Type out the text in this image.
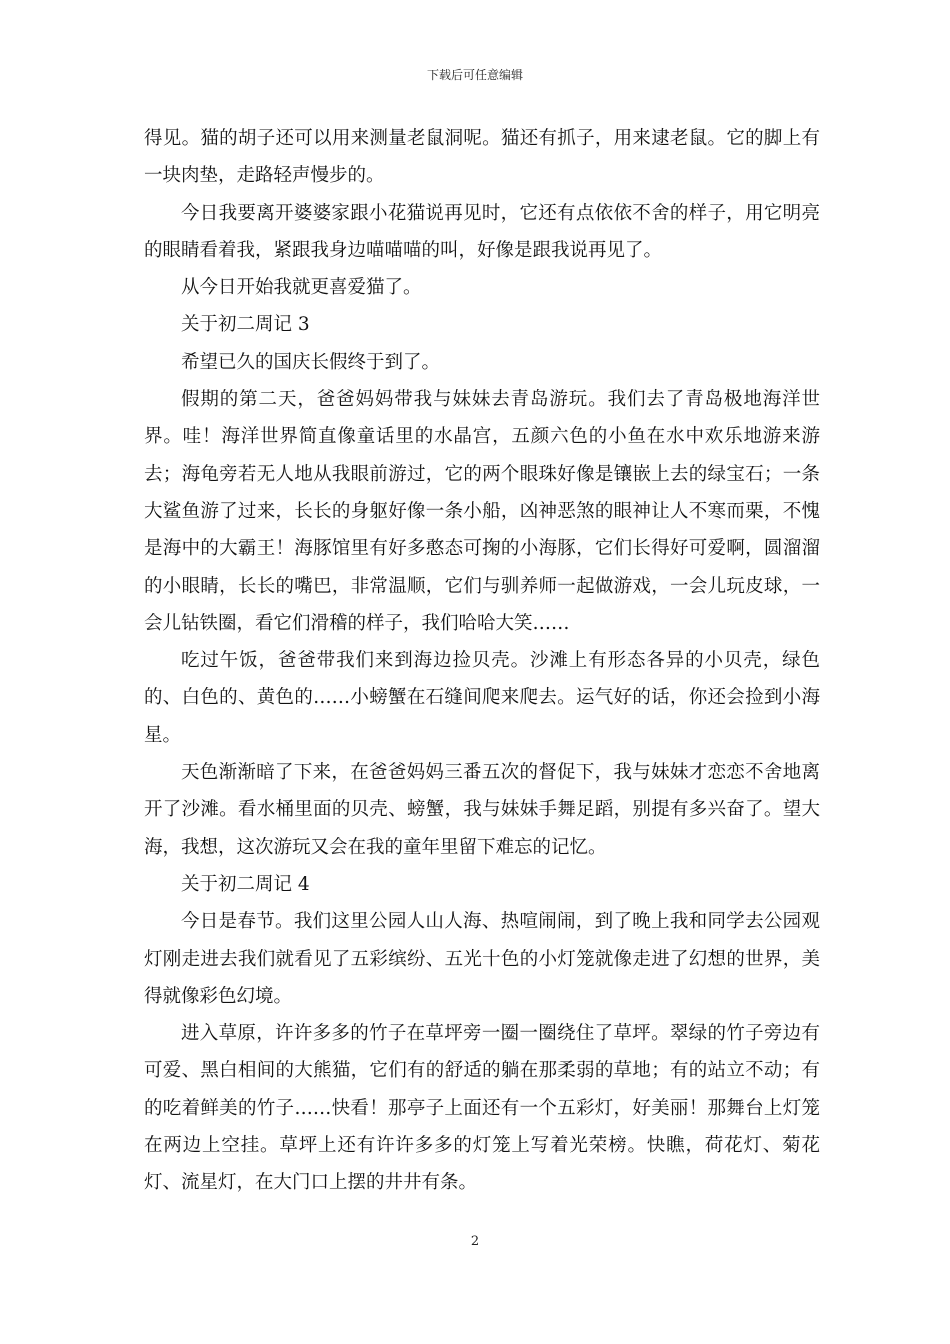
下载后可任意编辑

得见。猫的胡子还可以用来测量老鼠洞呢。猫还有抓子，用来逮老鼠。它的脚上有一块肉垫，走路轻声慢步的。

今日我要离开婆婆家跟小花猫说再见时，它还有点依依不舍的样子，用它明亮的眼睛看着我，紧跟我身边喵喵喵的叫，好像是跟我说再见了。

从今日开始我就更喜爱猫了。

关于初二周记 3

希望已久的国庆长假终于到了。

假期的第二天，爸爸妈妈带我与妹妹去青岛游玩。我们去了青岛极地海洋世界。哇！海洋世界简直像童话里的水晶宫，五颜六色的小鱼在水中欢乐地游来游去；海龟旁若无人地从我眼前游过，它的两个眼珠好像是镶嵌上去的绿宝石；一条大鲨鱼游了过来，长长的身躯好像一条小船，凶神恶煞的眼神让人不寒而栗，不愧是海中的大霸王！海豚馆里有好多憨态可掬的小海豚，它们长得好可爱啊，圆溜溜的小眼睛，长长的嘴巴，非常温顺，它们与驯养师一起做游戏，一会儿玩皮球，一会儿钻铁圈，看它们滑稽的样子，我们哈哈大笑……

吃过午饭，爸爸带我们来到海边捡贝壳。沙滩上有形态各异的小贝壳，绿色的、白色的、黄色的……小螃蟹在石缝间爬来爬去。运气好的话，你还会捡到小海星。

天色渐渐暗了下来，在爸爸妈妈三番五次的督促下，我与妹妹才恋恋不舍地离开了沙滩。看水桶里面的贝壳、螃蟹，我与妹妹手舞足蹈，别提有多兴奋了。望大海，我想，这次游玩又会在我的童年里留下难忘的记忆。

关于初二周记 4

今日是春节。我们这里公园人山人海、热喧闹闹，到了晚上我和同学去公园观灯刚走进去我们就看见了五彩缤纷、五光十色的小灯笼就像走进了幻想的世界，美得就像彩色幻境。

进入草原，许许多多的竹子在草坪旁一圈一圈绕住了草坪。翠绿的竹子旁边有可爱、黑白相间的大熊猫，它们有的舒适的躺在那柔弱的草地；有的站立不动；有的吃着鲜美的竹子……快看！那亭子上面还有一个五彩灯，好美丽！那舞台上灯笼在两边上空挂。草坪上还有许许多多的灯笼上写着光荣榜。快瞧，荷花灯、菊花灯、流星灯，在大门口上摆的井井有条。

2
